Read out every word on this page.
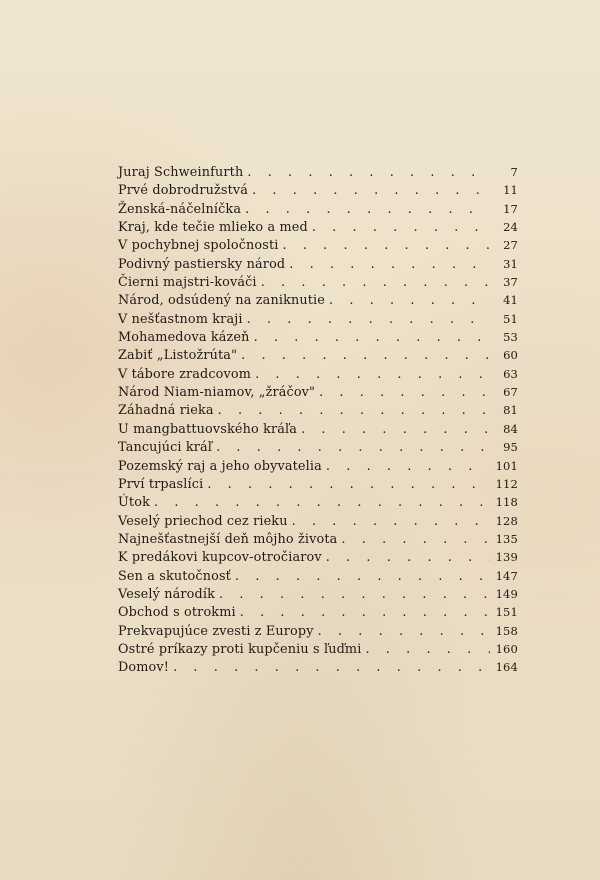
Juraj Schweinfurth . . .	7
Prvé dobrodružstvá . . .	11
Ženská-náčelníčka . . .	17
Kraj, kde tečie mlieko a med . . .	24
V pochybnej spoločnosti . . .	27
Podivný pastiersky národ . . .	31
Čierni majstri-kováči . . .	37
Národ, odsúdený na zaniknutie . . .	41
V nešťastnom kraji . . .	51
Mohamedova kázeň . . .	53
Zabiť „Listožrúta" . . .	60
V tábore zradcovom . . .	63
Národ Niam-niamov, „žráčov" . . .	67
Záhadná rieka . . .	81
U mangbattuovského kráľa . . .	84
Tancujúci kráľ . . .	95
Pozemský raj a jeho obyvatelia . . .	101
Prví trpaslíci . . .	112
Útok . . .	118
Veselý priechod cez rieku . . .	128
Najnešťastnejší deň môjho života . . .	135
K predákovi kupcov-otročiarov . . .	139
Sen a skutočnosť . . .	147
Veselý národík . . .	149
Obchod s otrokmi . . .	151
Prekvapujúce zvesti z Europy . . .	158
Ostré príkazy proti kupčeniu s ľuďmi . . .	160
Domov! . . .	164
